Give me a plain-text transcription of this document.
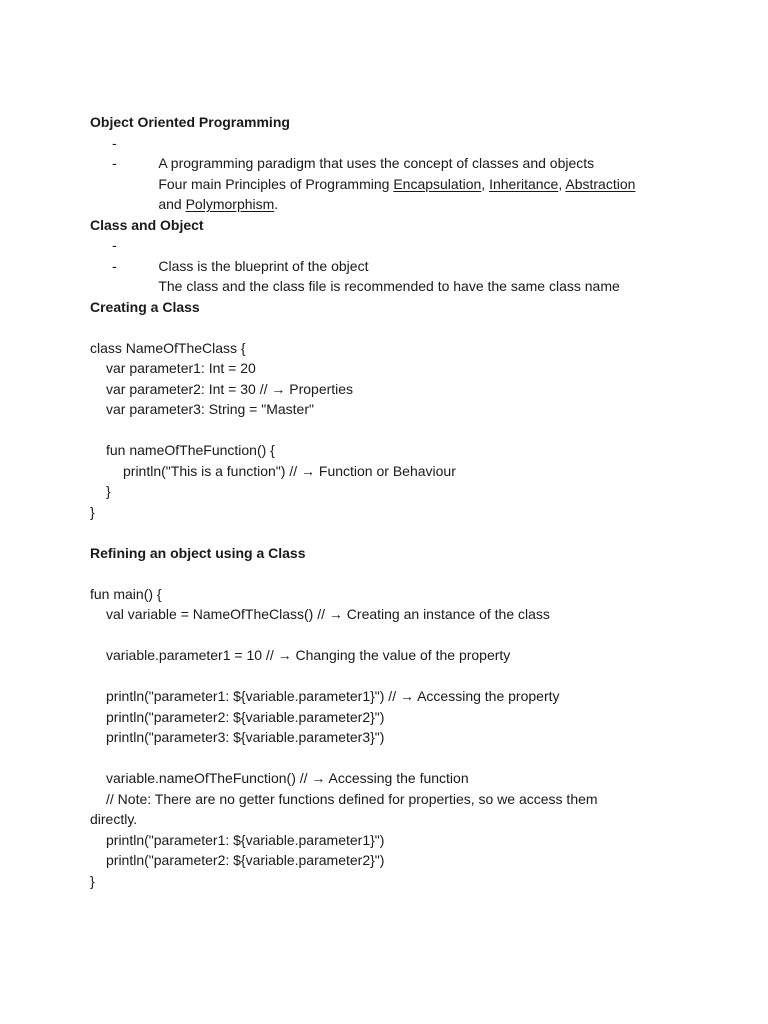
Object Oriented Programming

-
A programming paradigm that uses the concept of classes and objects

-
Four main Principles of Programming Encapsulation, Inheritance, Abstraction

and Polymorphism.

Class and Object

-
Class is the blueprint of the object

-
The class and the class file is recommended to have the same class name

Creating a Class
class NameOfTheClass {
var parameter1: Int = 20
var parameter2: Int = 30 // → Properties
var parameter3: String = "Master"
fun nameOfTheFunction() {
println("This is a function") // → Function or Behaviour
}
}
Refining an object using a Class
fun main() {
val variable = NameOfTheClass() // → Creating an instance of the class
variable.parameter1 = 10 // → Changing the value of the property
println("parameter1: ${variable.parameter1}") // → Accessing the property
println("parameter2: ${variable.parameter2}")
println("parameter3: ${variable.parameter3}")
variable.nameOfTheFunction() // → Accessing the function
// Note: There are no getter functions defined for properties, so we access them
directly.
println("parameter1: ${variable.parameter1}")
println("parameter2: ${variable.parameter2}")
}
